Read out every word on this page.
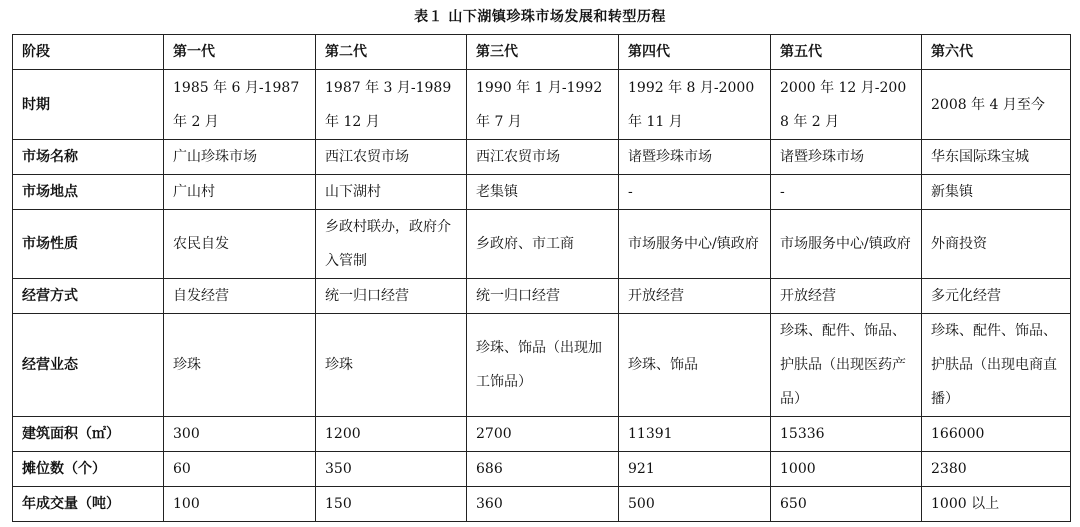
表１ 山下湖镇珍珠市场发展和转型历程
阶段	第一代	第二代	第三代	第四代	第五代	第六代
时期	1985 年 6 月-1987 年 2 月	1987 年 3 月-1989 年 12 月	1990 年 1 月-1992 年 7 月	1992 年 8 月-2000 年 11 月	2000 年 12 月-2008 年 2 月	2008 年 4 月至今
市场名称	广山珍珠市场	西江农贸市场	西江农贸市场	诸暨珍珠市场	诸暨珍珠市场	华东国际珠宝城
市场地点	广山村	山下湖村	老集镇	-	-	新集镇
市场性质	农民自发	乡政村联办，政府介入管制	乡政府、市工商	市场服务中心/镇政府	市场服务中心/镇政府	外商投资
经营方式	自发经营	统一归口经营	统一归口经营	开放经营	开放经营	多元化经营
经营业态	珍珠	珍珠	珍珠、饰品（出现加工饰品）	珍珠、饰品	珍珠、配件、饰品、护肤品（出现医药产品）	珍珠、配件、饰品、护肤品（出现电商直播）
建筑面积（㎡）	300	1200	2700	11391	15336	166000
摊位数（个）	60	350	686	921	1000	2380
年成交量（吨）	100	150	360	500	650	1000 以上
